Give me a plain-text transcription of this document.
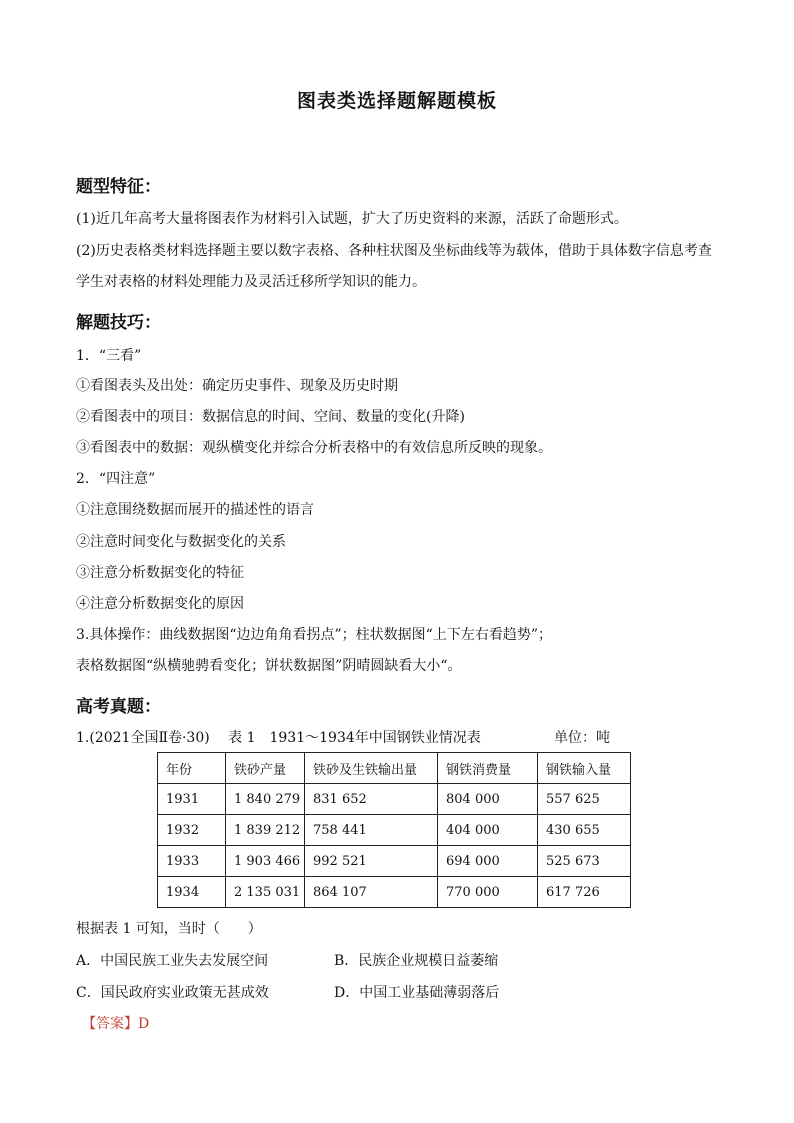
图表类选择题解题模板
题型特征：
(1)近几年高考大量将图表作为材料引入试题，扩大了历史资料的来源，活跃了命题形式。
(2)历史表格类材料选择题主要以数字表格、各种柱状图及坐标曲线等为载体，借助于具体数字信息考查
学生对表格的材料处理能力及灵活迁移所学知识的能力。
解题技巧：
1．“三看”
①看图表头及出处：确定历史事件、现象及历史时期
②看图表中的项目：数据信息的时间、空间、数量的变化(升降)
③看图表中的数据：观纵横变化并综合分析表格中的有效信息所反映的现象。
2．“四注意”
①注意围绕数据而展开的描述性的语言
②注意时间变化与数据变化的关系
③注意分析数据变化的特征
④注意分析数据变化的原因
3.具体操作：曲线数据图“边边角角看拐点”；柱状数据图“上下左右看趋势”；
表格数据图“纵横驰骋看变化；饼状数据图”阴晴圆缺看大小“。
高考真题：
1.(2021全国Ⅱ卷·30)　 表 1　1931～1934年中国钢铁业情况表	单位：吨
年份	铁砂产量	铁砂及生铁输出量	钢铁消费量	钢铁输入量
1931	1 840 279	831 652	804 000	557 625
1932	1 839 212	758 441	404 000	430 655
1933	1 903 466	992 521	694 000	525 673
1934	2 135 031	864 107	770 000	617 726
根据表 1 可知，当时（　　）
A．中国民族工业失去发展空间	B．民族企业规模日益萎缩
C．国民政府实业政策无甚成效	D．中国工业基础薄弱落后
【答案】D
